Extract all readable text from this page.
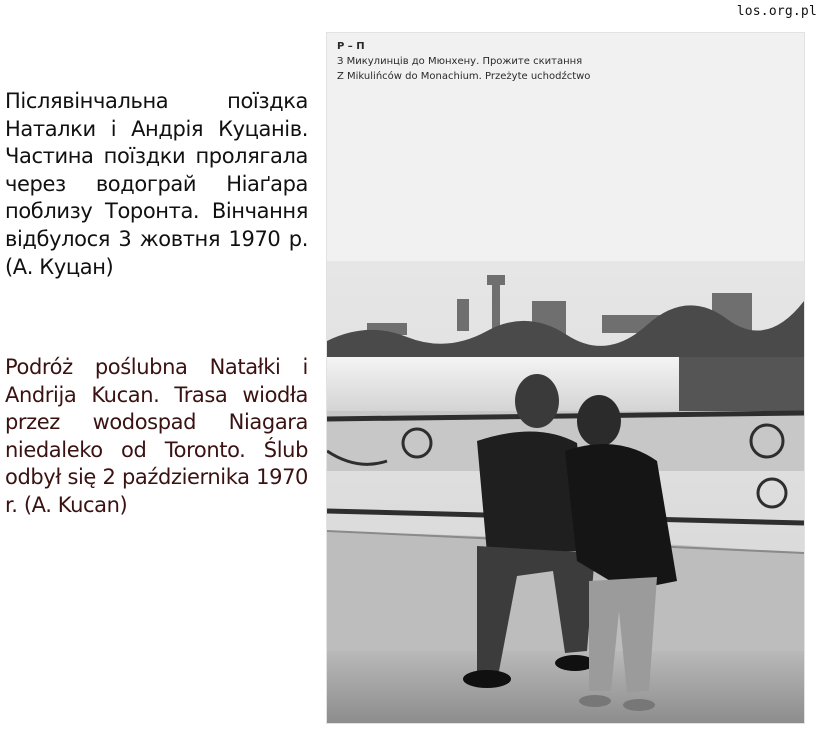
los.org.pl

Післявінчальна поїздка Наталки і Андрія Куцанів. Частина поїздки пролягала через водограй Ніаґара поблизу Торонта. Вінчання відбулося 3 жовтня 1970 р. (А. Куцан)

Podróż poślubna Natałki i Andrija Kucan. Trasa wiodła przez wodospad Niagara niedaleko od Toronto. Ślub odbył się 2 października 1970 r. (A. Kucan)

Р – П
З Микулинців до Мюнхену. Прожите скитання
Z Mikulińców do Monachium. Przeżyte uchodźctwo
